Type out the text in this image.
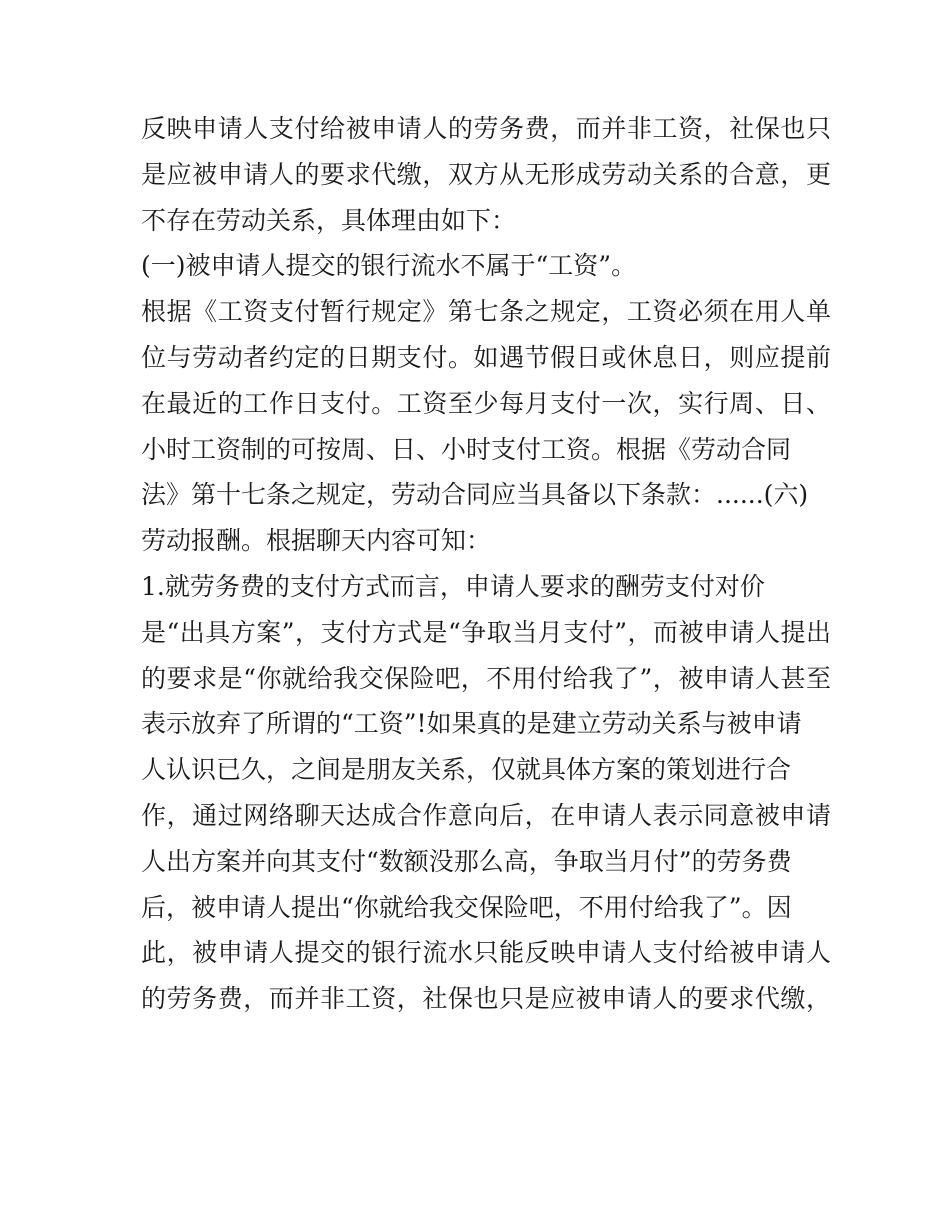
反映申请人支付给被申请人的劳务费，而并非工资，社保也只
是应被申请人的要求代缴，双方从无形成劳动关系的合意，更
不存在劳动关系，具体理由如下：
(一)被申请人提交的银行流水不属于“工资”。
根据《工资支付暂行规定》第七条之规定，工资必须在用人单
位与劳动者约定的日期支付。如遇节假日或休息日，则应提前
在最近的工作日支付。工资至少每月支付一次，实行周、日、
小时工资制的可按周、日、小时支付工资。根据《劳动合同
法》第十七条之规定，劳动合同应当具备以下条款：......(六)
劳动报酬。根据聊天内容可知：
1.就劳务费的支付方式而言，申请人要求的酬劳支付对价
是“出具方案”，支付方式是“争取当月支付”，而被申请人提出
的要求是“你就给我交保险吧，不用付给我了”，被申请人甚至
表示放弃了所谓的“工资”!如果真的是建立劳动关系与被申请
人认识已久，之间是朋友关系，仅就具体方案的策划进行合
作，通过网络聊天达成合作意向后，在申请人表示同意被申请
人出方案并向其支付“数额没那么高，争取当月付”的劳务费
后，被申请人提出“你就给我交保险吧，不用付给我了”。因
此，被申请人提交的银行流水只能反映申请人支付给被申请人
的劳务费，而并非工资，社保也只是应被申请人的要求代缴，
